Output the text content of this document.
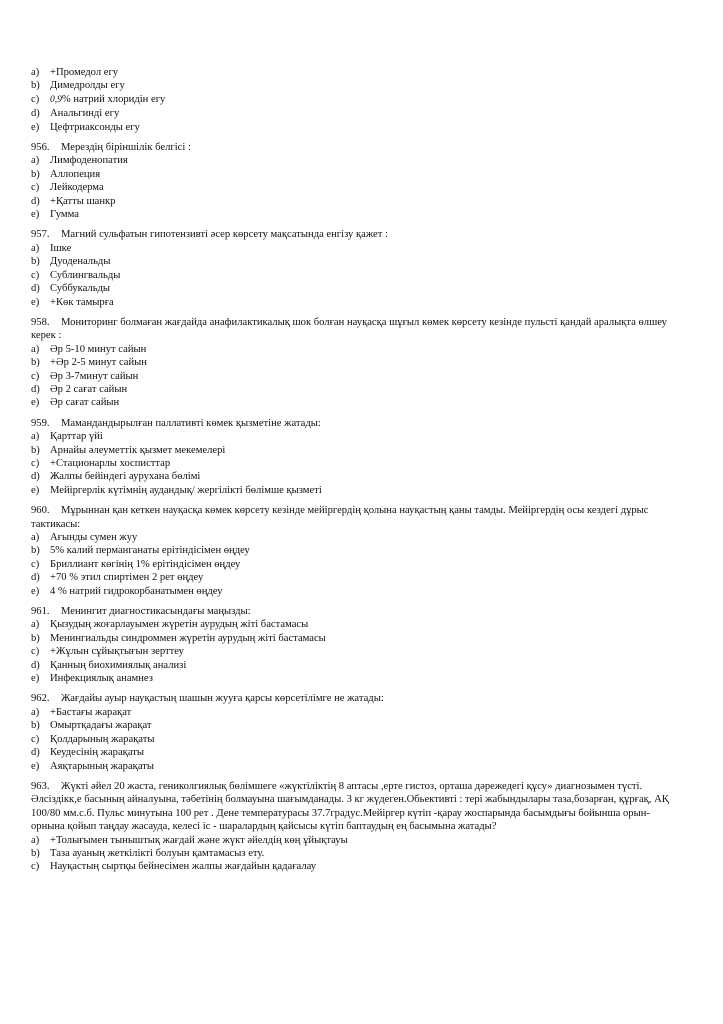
a)	+Промедол егу
b) Димедролды егу
c)	0,9% натрий хлоридін егу
d) Анальгинді егу
e)	Цефтриаксонды егу
956. Мерездің біріншілік белгісі :
a)	Лимфоденопатия
b) Аллопеция
c)	Лейкодерма
d) +Қатты шанкр
e)	Гумма
957. Магний сульфатын гипотензивті әсер көрсету мақсатында енгізу қажет :
a)	Ішке
b) Дуоденальды
c)	Сублингвальды
d) Суббукальды
e)	+Көк тамырға
958. Мониторинг болмаған жағдайда анафилактикалық шок болған науқасқа шұғыл көмек көрсету кезінде пульсті қандай аралықта өлшеу керек :
a)	Әр 5-10 минут сайын
b) +Әр 2-5 минут сайын
c)	Әр 3-7минут сайын
d) Әр 2 сағат сайын
e)	Әр сағат сайын
959. Мамандандырылған паллативті көмек қызметіне жатады:
a)	Қарттар үйі
b) Арнайы әлеуметтік қызмет мекемелері
c)	+Стационарлы хосписттар
d) Жалпы бейіндегі аурухана бөлімі
e)	Мейіргерлік күтімнің аудандық/ жергілікті бөлімше қызметі
960. Мұрыннан қан кеткен науқасқа көмек көрсету кезінде мейіргердің қолына науқастың қаны тамды. Мейіргердің осы кездегі дұрыс тактикасы:
a)	Ағынды сумен жуу
b) 5% калий перманганаты ерітіндісімен өңдеу
c)	Бриллиант көгінің 1% ерітіндісімен өңдеу
d) +70 % этил спиртімен 2 рет өңдеу
e)	4 % натрий гидрокорбанатымен өңдеу
961. Менингит диагностикасындағы маңызды:
a)	Қызудың жоғарлауымен жүретін аурудың жіті бастамасы
b) Менингиальды синдроммен жүретін аурудың жіті бастамасы
c)	+Жұлын сұйықтығын зерттеу
d) Қанның биохимиялық анализі
e)	Инфекциялық анамнез
962. Жағдайы ауыр науқастың шашын жууға қарсы көрсетілімге не жатады:
a)	+Бастағы жарақат
b) Омыртқадағы жарақат
c)	Қолдарының жарақаты
d) Кеудесінің жарақаты
e)	Аяқтарының жарақаты
963. Жүкті әйел 20 жаста, гениколгиялық бөлімшеге «жүктіліктің 8 аптасы ,ерте гистоз, орташа дәрежедегі құсу» диагнозымен түсті. Әлсіздікк,е басының айналуына, тәбетінің болмауына шағымданады. 3 кг жүдеген.Обьективті : тері жабындылары таза,бозарған, құрғақ, АҚ 100/80 мм.с.б. Пульс минутына 100 рет . Дене температурасы 37.7градус.Мейіргер күтіп -қарау жоспарында басымдығы бойынша орын- орнына қойып таңдау жасауда, келесі іс - шаралардың қайсысы күтіп баптаудың ең басымына жатады?
a)	+Толығымен тыныштық жағдай және жүкт әйелдің көң ұйықтауы
b) Таза ауаның жеткілікті болуын қамтамасыз ету.
c)	Науқастың сыртқы бейнесімен жалпы жағдайын қадағалау
